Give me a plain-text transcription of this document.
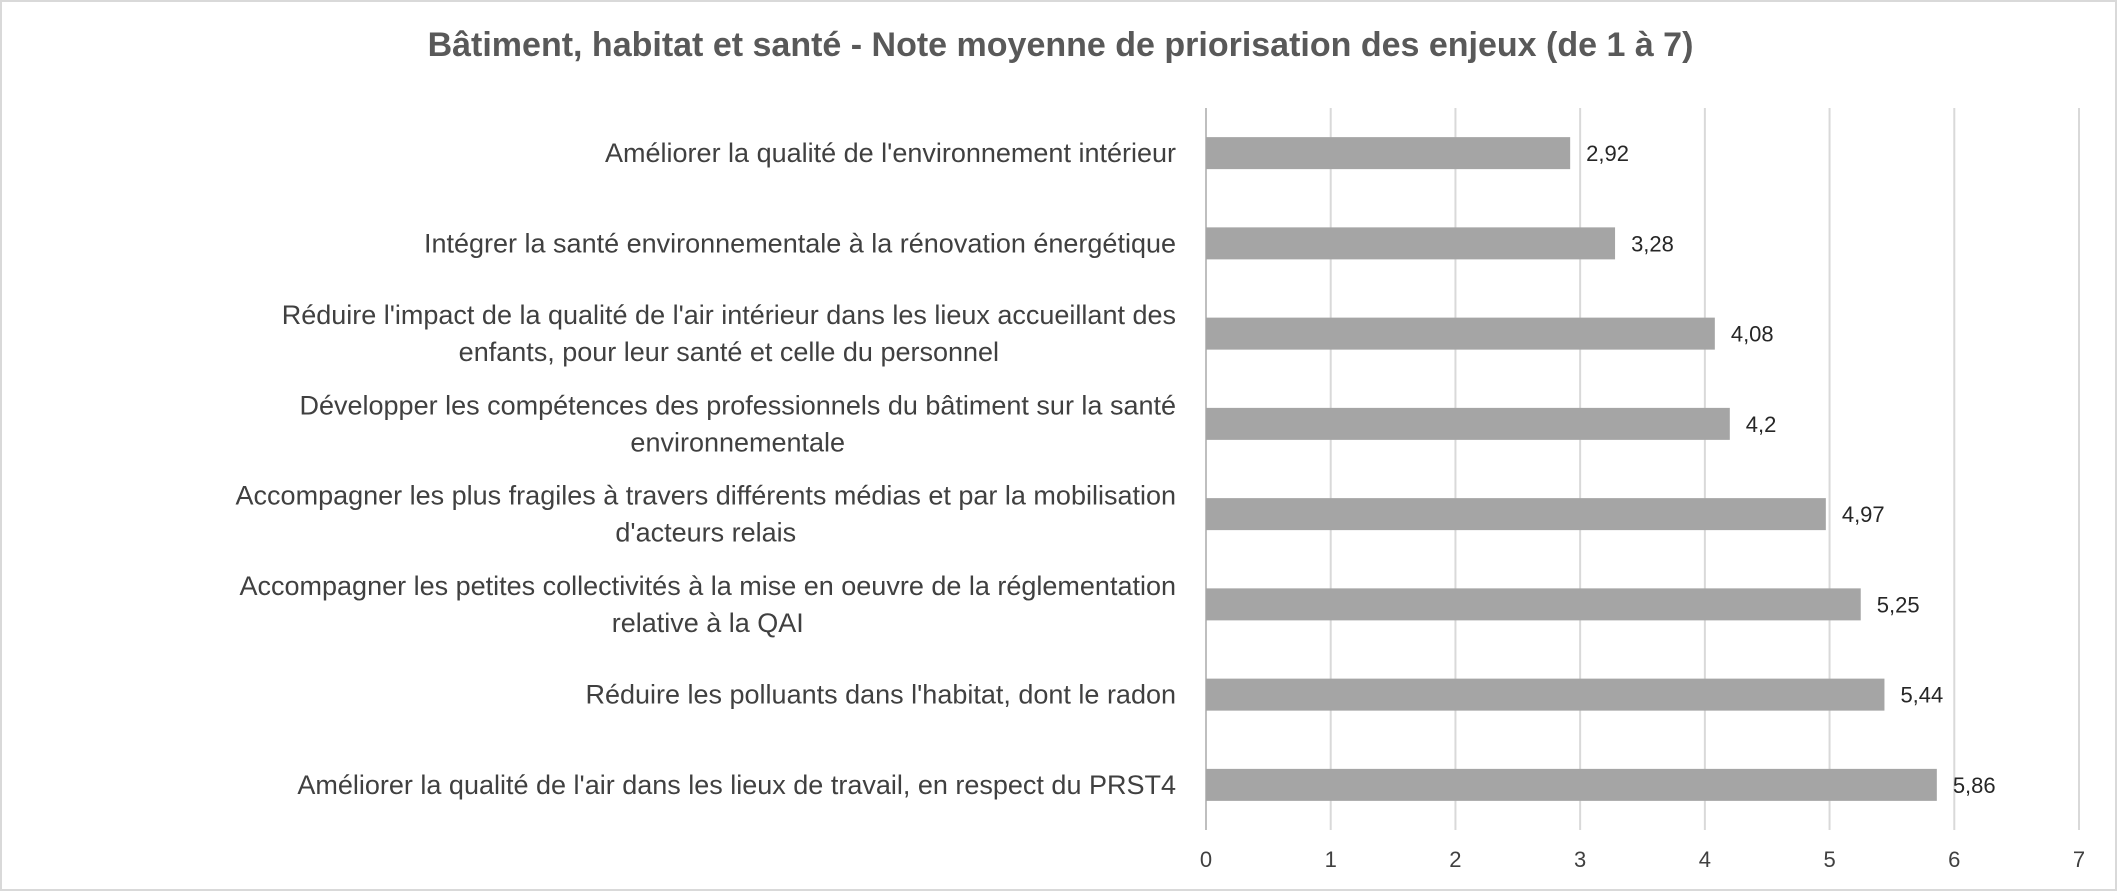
Bâtiment, habitat et santé - Note moyenne de priorisation des enjeux (de 1 à 7)
0	1	2	3	4	5	6	7
2,92
Améliorer la qualité de l'environnement intérieur
3,28
Intégrer la santé environnementale à la rénovation énergétique
4,08
Réduire l'impact de la qualité de l'air intérieur dans les lieux accueillant des
enfants, pour leur santé et celle du personnel
4,2
Développer les compétences des professionnels du bâtiment sur la santé
environnementale
4,97
Accompagner les plus fragiles à travers différents médias et par la mobilisation
d'acteurs relais
5,25
Accompagner les petites collectivités à la mise en oeuvre de la réglementation
relative à la QAI
5,44
Réduire les polluants dans l'habitat, dont le radon
5,86
Améliorer la qualité de l'air dans les lieux de travail, en respect du PRST4
